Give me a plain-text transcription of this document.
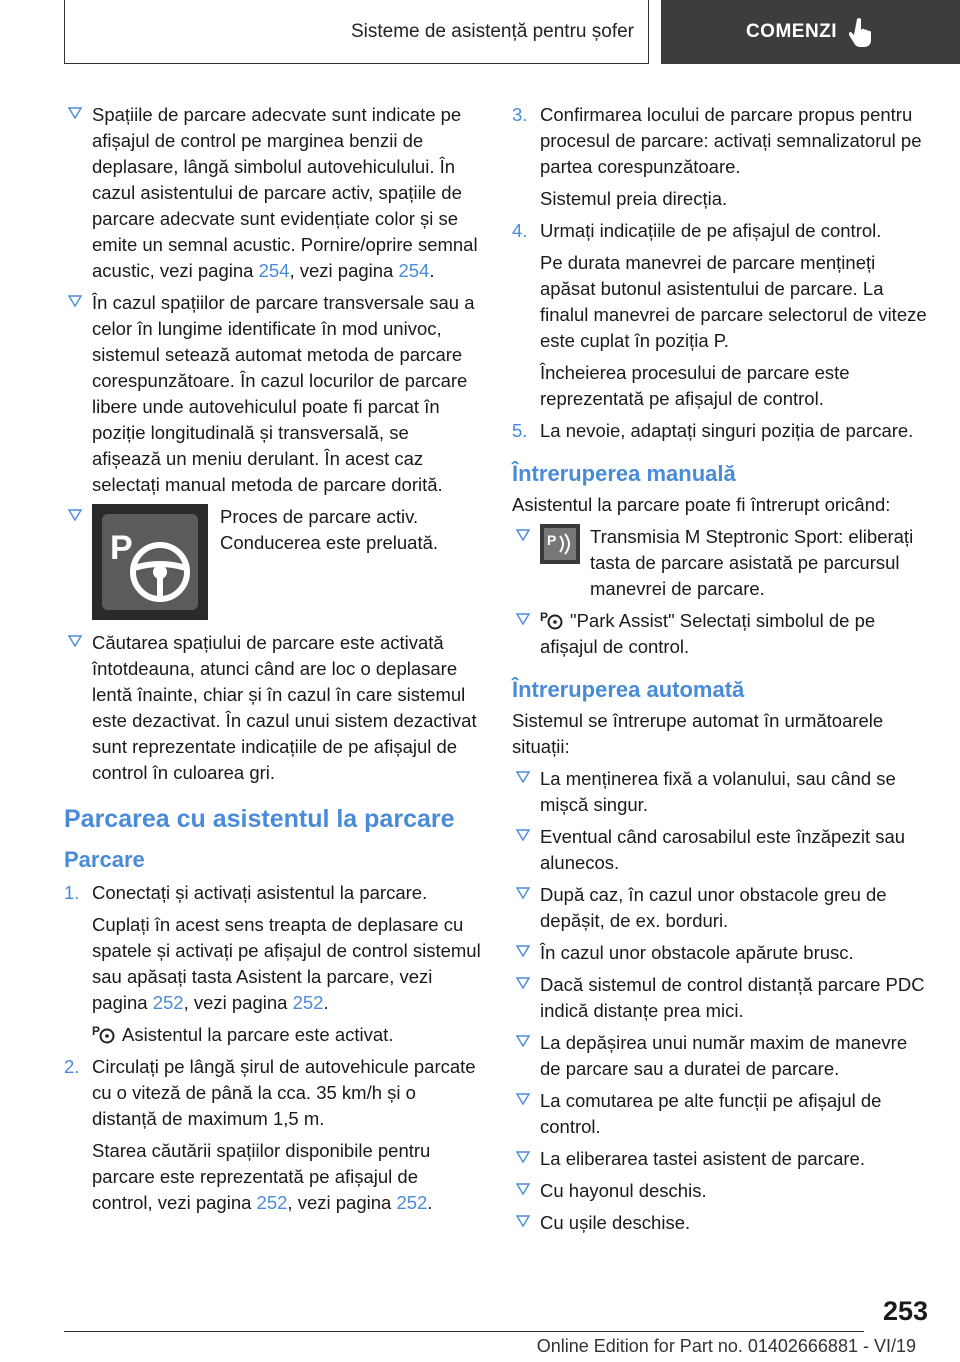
Sisteme de asistență pentru șofer	COMENZI
Spațiile de parcare adecvate sunt indicate pe afișajul de control pe marginea benzii de deplasare, lângă simbolul autovehiculului. În cazul asistentului de parcare activ, spațiile de parcare adecvate sunt evidențiate color și se emite un semnal acustic. Pornire/oprire semnal acustic, vezi pagina 254, vezi pagina 254.
În cazul spațiilor de parcare transversale sau a celor în lungime identificate în mod univoc, sistemul setează automat metoda de parcare corespunzătoare. În cazul locurilor de parcare libere unde autovehiculul poate fi parcat în poziție longitudinală și transversală, se afișează un meniu derulant. În acest caz selectați manual metoda de parcare dorită.
P
Proces de parcare activ. Conducerea este preluată.
Căutarea spațiului de parcare este activată întotdeauna, atunci când are loc o deplasare lentă înainte, chiar și în cazul în care sistemul este dezactivat. În cazul unui sistem dezactivat sunt reprezentate indicațiile de pe afișajul de control în culoarea gri.
Parcarea cu asistentul la parcare
Parcare
1. Conectați și activați asistentul la parcare.
Cuplați în acest sens treapta de deplasare cu spatele și activați pe afișajul de control sistemul sau apăsați tasta Asistent la parcare, vezi pagina 252, vezi pagina 252.
P Asistentul la parcare este activat.
2. Circulați pe lângă șirul de autovehicule parcate cu o viteză de până la cca. 35 km/h și o distanță de maximum 1,5 m.
Starea căutării spațiilor disponibile pentru parcare este reprezentată pe afișajul de control, vezi pagina 252, vezi pagina 252.
3. Confirmarea locului de parcare propus pentru procesul de parcare: activați semnalizatorul pe partea corespunzătoare.
Sistemul preia direcția.
4. Urmați indicațiile de pe afișajul de control.
Pe durata manevrei de parcare mențineți apăsat butonul asistentului de parcare. La finalul manevrei de parcare selectorul de viteze este cuplat în poziția P.
Încheierea procesului de parcare este reprezentată pe afișajul de control.
5. La nevoie, adaptați singuri poziția de parcare.
Întreruperea manuală
Asistentul la parcare poate fi întrerupt oricând:
P Transmisia M Steptronic Sport: eliberați tasta de parcare asistată pe parcursul manevrei de parcare.
P "Park Assist" Selectați simbolul de pe afișajul de control.
Întreruperea automată
Sistemul se întrerupe automat în următoarele situații:
La menținerea fixă a volanului, sau când se mișcă singur.
Eventual când carosabilul este înzăpezit sau alunecos.
După caz, în cazul unor obstacole greu de depășit, de ex. borduri.
În cazul unor obstacole apărute brusc.
Dacă sistemul de control distanță parcare PDC indică distanțe prea mici.
La depășirea unui număr maxim de manevre de parcare sau a duratei de parcare.
La comutarea pe alte funcții pe afișajul de control.
La eliberarea tastei asistent de parcare.
Cu hayonul deschis.
Cu ușile deschise.
253
Online Edition for Part no. 01402666881 - VI/19
